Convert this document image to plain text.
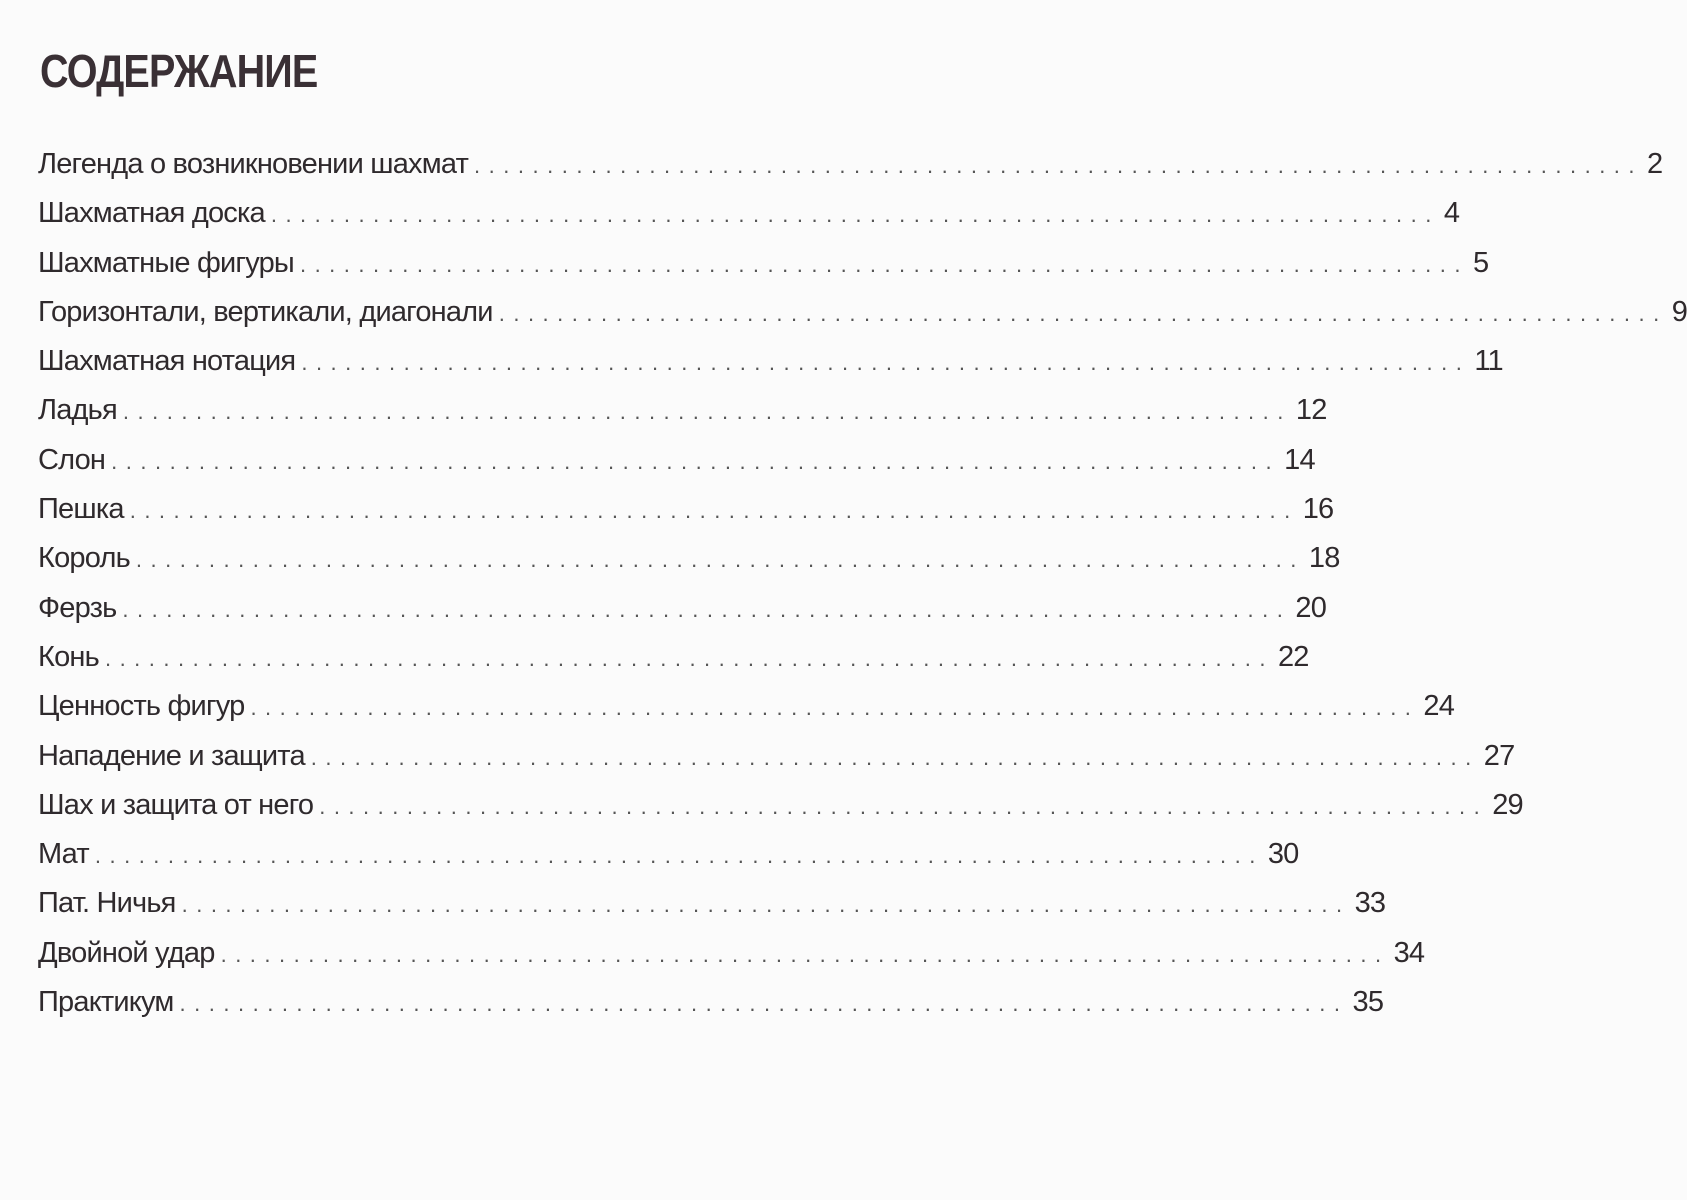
СОДЕРЖАНИЕ
Легенда о возникновении шахмат ................................................................................ 2
Шахматная доска ................................................................................ 4
Шахматные фигуры ................................................................................ 5
Горизонтали, вертикали, диагонали ................................................................................ 9
Шахматная нотация ................................................................................ 11
Ладья ................................................................................ 12
Слон ................................................................................ 14
Пешка ................................................................................ 16
Король ................................................................................ 18
Ферзь ................................................................................ 20
Конь ................................................................................ 22
Ценность фигур ................................................................................ 24
Нападение и защита ................................................................................ 27
Шах и защита от него ................................................................................ 29
Мат ................................................................................ 30
Пат. Ничья ................................................................................ 33
Двойной удар ................................................................................ 34
Практикум ................................................................................ 35
